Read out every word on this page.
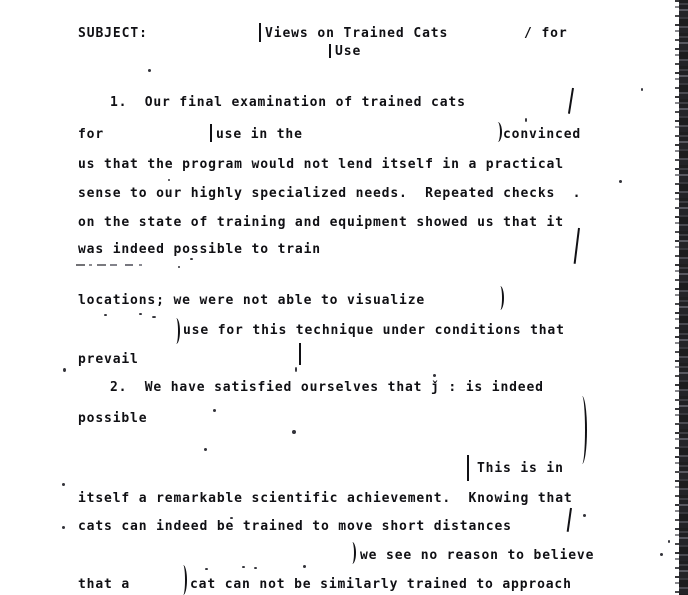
SUBJECT:	Views on Trained Cats
Use
/ for
1.  Our final examination of trained cats
for	use in the	convinced
us that the program would not lend itself in a practical
sense to our highly specialized needs.  Repeated checks  .
on the state of training and equipment showed us that it
was indeed possible to train
locations; we were not able to visualize
use for this technique under conditions that
prevail
2.  We have satisfied ourselves that ǰ : is indeed
possible
This is in
itself a remarkable scientific achievement.  Knowing that
cats can indeed be trained to move short distances
we see no reason to believe
that a	cat can not be similarly trained to approach
